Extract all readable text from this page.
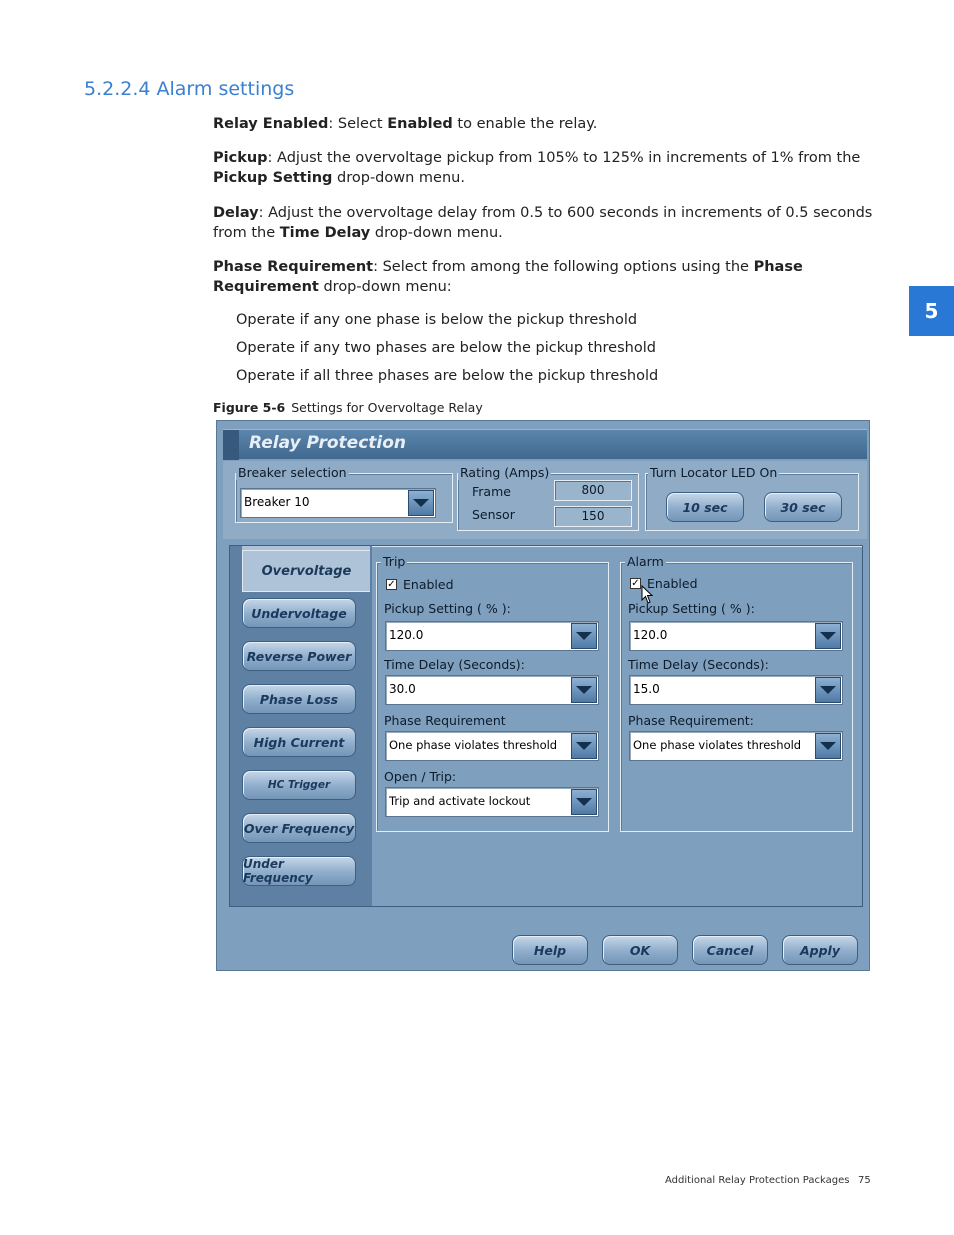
5.2.2.4 Alarm settings

Relay Enabled: Select Enabled to enable the relay.

Pickup: Adjust the overvoltage pickup from 105% to 125% in increments of 1% from the Pickup Setting drop-down menu.

Delay: Adjust the overvoltage delay from 0.5 to 600 seconds in increments of 0.5 seconds from the Time Delay drop-down menu.

Phase Requirement: Select from among the following options using the Phase Requirement drop-down menu:

Operate if any one phase is below the pickup threshold
Operate if any two phases are below the pickup threshold
Operate if all three phases are below the pickup threshold
Figure 5-6 Settings for Overvoltage Relay
5
Relay Protection
Breaker selection
Breaker 10
Rating (Amps)
Frame	800
Sensor	150
Turn Locator LED On
10 sec	30 sec
Overvoltage
Undervoltage
Reverse Power
Phase Loss
High Current
HC Trigger
Over Frequency
Under Frequency
Trip
✓ Enabled
Pickup Setting ( % ):
120.0
Time Delay (Seconds):
30.0
Phase Requirement
One phase violates threshold
Open / Trip:
Trip and activate lockout
Alarm
✓ Enabled
Pickup Setting ( % ):
120.0
Time Delay (Seconds):
15.0
Phase Requirement:
One phase violates threshold
Help	OK	Cancel	Apply
Additional Relay Protection Packages 75
